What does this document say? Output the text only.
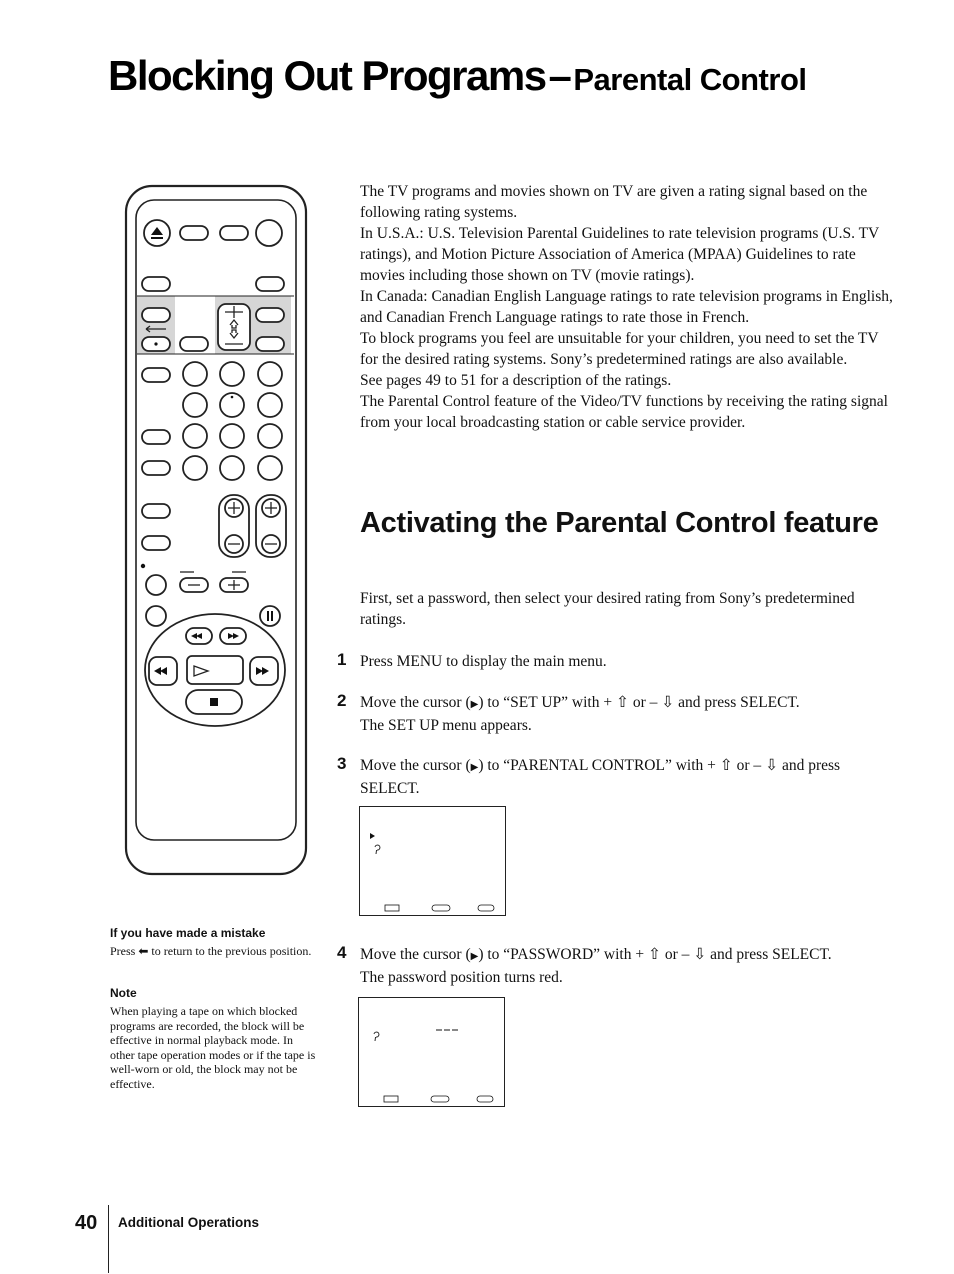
Blocking Out Programs – Parental Control

The TV programs and movies shown on TV are given a rating signal based on the following rating systems.

In U.S.A.: U.S. Television Parental Guidelines to rate television programs (U.S. TV ratings), and Motion Picture Association of America (MPAA) Guidelines to rate movies including those shown on TV (movie ratings).

In Canada: Canadian English Language ratings to rate television programs in English, and Canadian French Language ratings to rate those in French.

To block programs you feel are unsuitable for your children, you need to set the TV for the desired rating systems. Sony’s predetermined ratings are also available.

See pages 49 to 51 for a description of the ratings.

The Parental Control feature of the Video/TV functions by receiving the rating signal from your local broadcasting station or cable service provider.

Activating the Parental Control feature
First, set a password, then select your desired rating from Sony’s predetermined ratings.
1 Press MENU to display the main menu.
2 Move the cursor (▶) to “SET UP” with + ⇧ or – ⇩ and press SELECT.
The SET UP menu appears.
3 Move the cursor (▶) to “PARENTAL CONTROL” with + ⇧ or – ⇩ and press SELECT.
4 Move the cursor (▶) to “PASSWORD” with + ⇧ or – ⇩ and press SELECT.
The password position turns red.
If you have made a mistake
Press ⬅ to return to the previous position.
Note
When playing a tape on which blocked programs are recorded, the block will be effective in normal playback mode. In other tape operation modes or if the tape is well-worn or old, the block may not be effective.
40 Additional Operations
